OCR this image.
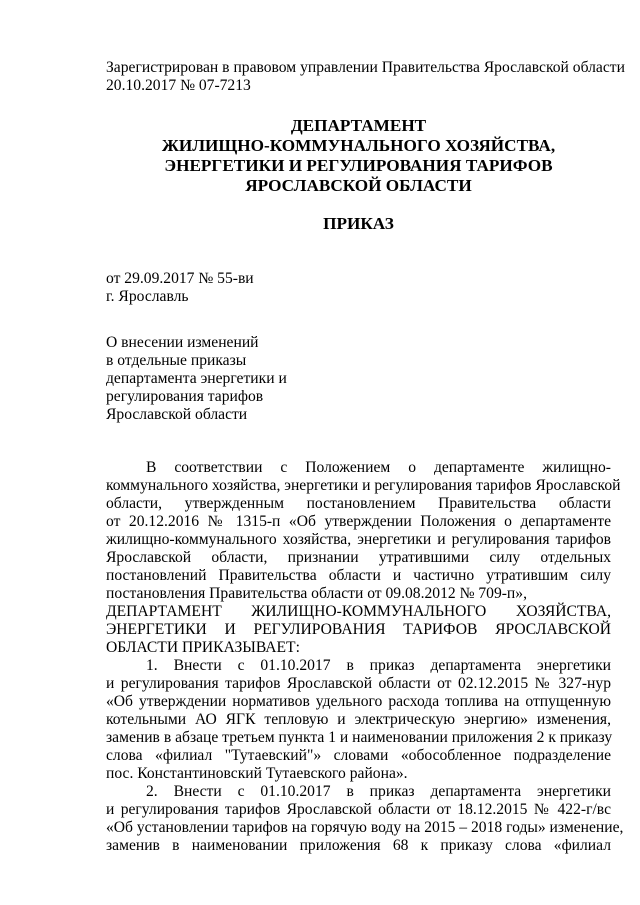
Зарегистрирован в правовом управлении Правительства Ярославской области
20.10.2017 № 07-7213
ДЕПАРТАМЕНТ
ЖИЛИЩНО-КОММУНАЛЬНОГО ХОЗЯЙСТВА,
ЭНЕРГЕТИКИ И РЕГУЛИРОВАНИЯ ТАРИФОВ
ЯРОСЛАВСКОЙ ОБЛАСТИ
ПРИКАЗ
от 29.09.2017 № 55-ви
г. Ярославль
О внесении изменений
в отдельные приказы
департамента энергетики и
регулирования тарифов
Ярославской области
В соответствии с Положением о департаменте жилищно-
коммунального хозяйства, энергетики и регулирования тарифов Ярославской
области, утвержденным постановлением Правительства области
от 20.12.2016 № 1315-п «Об утверждении Положения о департаменте
жилищно-коммунального хозяйства, энергетики и регулирования тарифов
Ярославской области, признании утратившими силу отдельных
постановлений Правительства области и частично утратившим силу
постановления Правительства области от 09.08.2012 № 709-п»,
ДЕПАРТАМЕНТ ЖИЛИЩНО-КОММУНАЛЬНОГО ХОЗЯЙСТВА,
ЭНЕРГЕТИКИ И РЕГУЛИРОВАНИЯ ТАРИФОВ ЯРОСЛАВСКОЙ
ОБЛАСТИ ПРИКАЗЫВАЕТ:
1. Внести с 01.10.2017 в приказ департамента энергетики
и регулирования тарифов Ярославской области от 02.12.2015 № 327-нур
«Об утверждении нормативов удельного расхода топлива на отпущенную
котельными АО ЯГК тепловую и электрическую энергию» изменения,
заменив в абзаце третьем пункта 1 и наименовании приложения 2 к приказу
слова «филиал "Тутаевский"» словами «обособленное подразделение
пос. Константиновский Тутаевского района».
2. Внести с 01.10.2017 в приказ департамента энергетики
и регулирования тарифов Ярославской области от 18.12.2015 № 422-г/вс
«Об установлении тарифов на горячую воду на 2015 – 2018 годы» изменение,
заменив в наименовании приложения 68 к приказу слова «филиал
